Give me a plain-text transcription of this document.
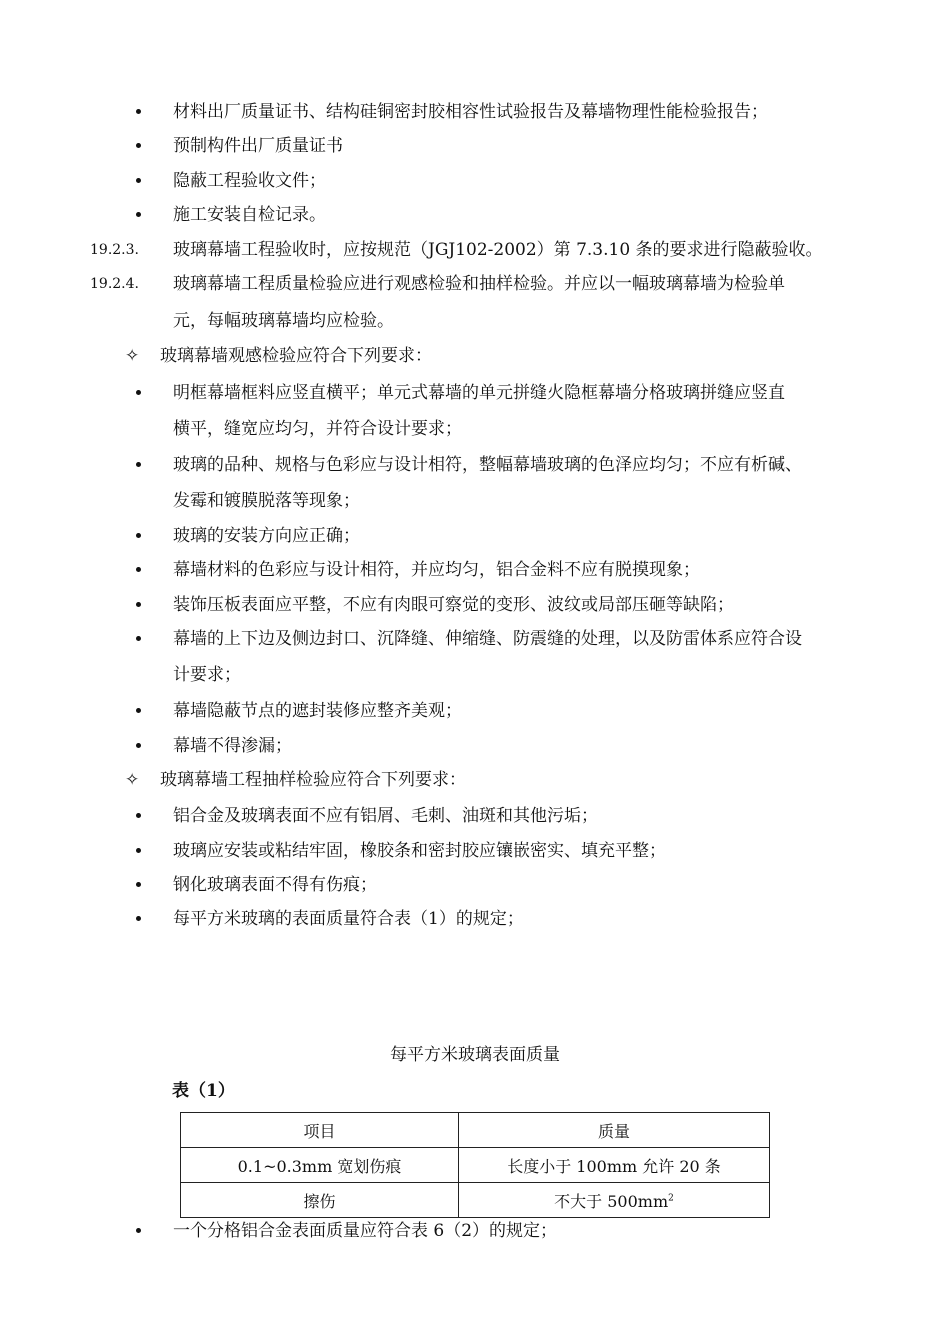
材料出厂质量证书、结构硅铜密封胶相容性试验报告及幕墙物理性能检验报告；
预制构件出厂质量证书
隐蔽工程验收文件；
施工安装自检记录。
19.2.3. 玻璃幕墙工程验收时，应按规范（JGJ102-2002）第 7.3.10 条的要求进行隐蔽验收。
19.2.4. 玻璃幕墙工程质量检验应进行观感检验和抽样检验。并应以一幅玻璃幕墙为检验单
元，每幅玻璃幕墙均应检验。
✧ 玻璃幕墙观感检验应符合下列要求：
明框幕墙框料应竖直横平；单元式幕墙的单元拼缝火隐框幕墙分格玻璃拼缝应竖直
横平，缝宽应均匀，并符合设计要求；
玻璃的品种、规格与色彩应与设计相符，整幅幕墙玻璃的色泽应均匀；不应有析碱、
发霉和镀膜脱落等现象；
玻璃的安装方向应正确；
幕墙材料的色彩应与设计相符，并应均匀，铝合金料不应有脱摸现象；
装饰压板表面应平整，不应有肉眼可察觉的变形、波纹或局部压砸等缺陷；
幕墙的上下边及侧边封口、沉降缝、伸缩缝、防震缝的处理，以及防雷体系应符合设
计要求；
幕墙隐蔽节点的遮封装修应整齐美观；
幕墙不得渗漏；
✧ 玻璃幕墙工程抽样检验应符合下列要求：
铝合金及玻璃表面不应有铝屑、毛刺、油斑和其他污垢；
玻璃应安装或粘结牢固，橡胶条和密封胶应镶嵌密实、填充平整；
钢化玻璃表面不得有伤痕；
每平方米玻璃的表面质量符合表（1）的规定；
每平方米玻璃表面质量
表（1）
项目	质量
0.1~0.3mm 宽划伤痕	长度小于 100mm 允许 20 条
擦伤	不大于 $500mm^2$
一个分格铝合金表面质量应符合表 6（2）的规定；
